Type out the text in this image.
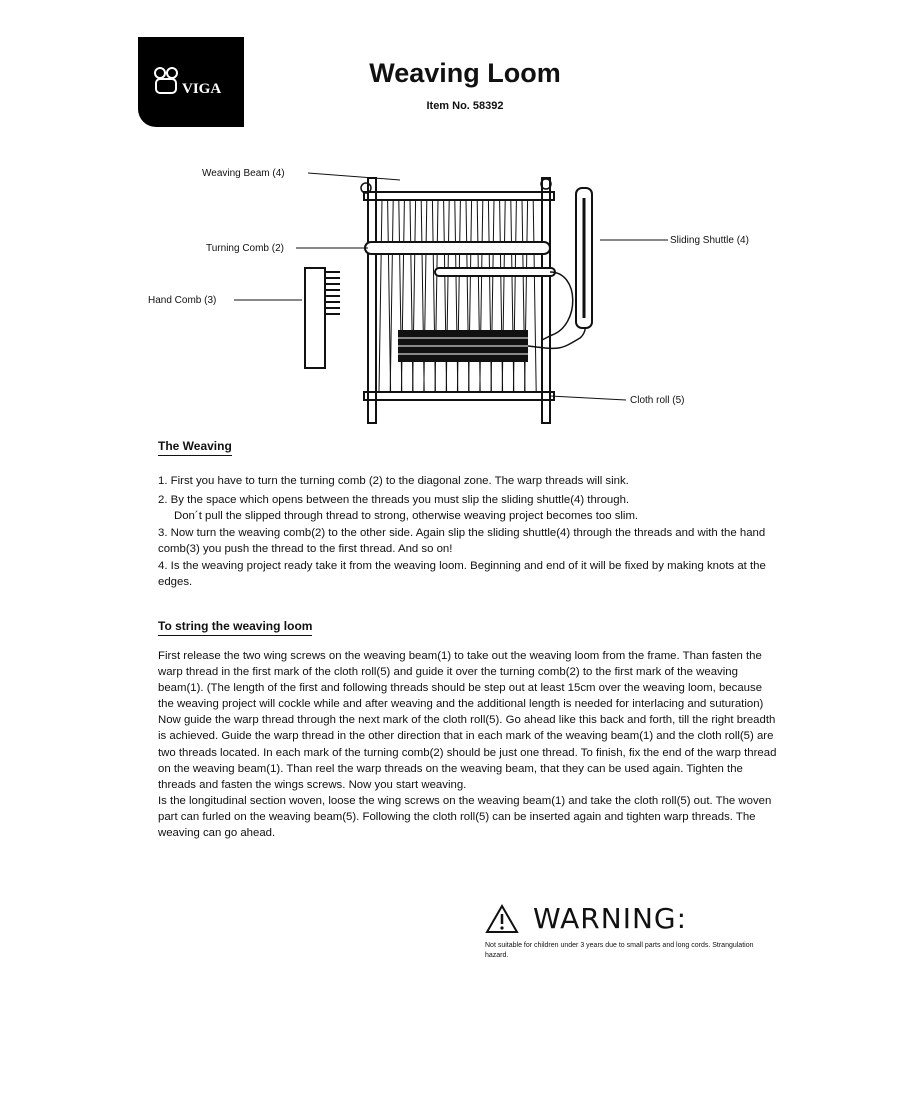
VIGA
Weaving Loom
Item No. 58392
Weaving Beam (4)
Turning Comb (2)
Hand Comb (3)
Sliding Shuttle (4)
Cloth roll (5)
The Weaving

1. First you have to turn the turning comb (2) to the diagonal zone. The warp threads will sink.

2. By the space which opens between the threads you must slip the sliding shuttle(4) through.

Don´t pull the slipped through thread to strong, otherwise weaving project becomes too slim.

3. Now turn the weaving comb(2) to the other side. Again slip the sliding shuttle(4) through the threads and with the hand comb(3) you push the thread to the first thread. And so on!

4. Is the weaving project ready take it from the weaving loom. Beginning and end of it will be fixed by making knots at the edges.

To string the weaving loom
First release the two wing screws on the weaving beam(1) to take out the weaving loom from the frame. Than fasten the warp thread in the first mark of the cloth roll(5) and guide it over the turning comb(2) to the first mark of the weaving beam(1). (The length of the first and following threads should be step out at least 15cm over the weaving loom, because the weaving project will cockle while and after weaving and the additional length is needed for interlacing and suturation) Now guide the warp thread through the next mark of the cloth roll(5). Go ahead like this back and forth, till the right breadth is achieved. Guide the warp thread in the other direction that in each mark of the weaving beam(1) and the cloth roll(5) are two threads located. In each mark of the turning comb(2) should be just one thread. To finish, fix the end of the warp thread on the weaving beam(1). Than reel the warp threads on the weaving beam, that they can be used again. Tighten the threads and fasten the wings screws. Now you start weaving.
Is the longitudinal section woven, loose the wing screws on the weaving beam(1) and take the cloth roll(5) out. The woven part can furled on the weaving beam(5). Following the cloth roll(5) can be inserted again and tighten warp threads. The weaving can go ahead.
WARNING:
Not suitable for children under 3 years due to small parts and long cords. Strangulation hazard.
